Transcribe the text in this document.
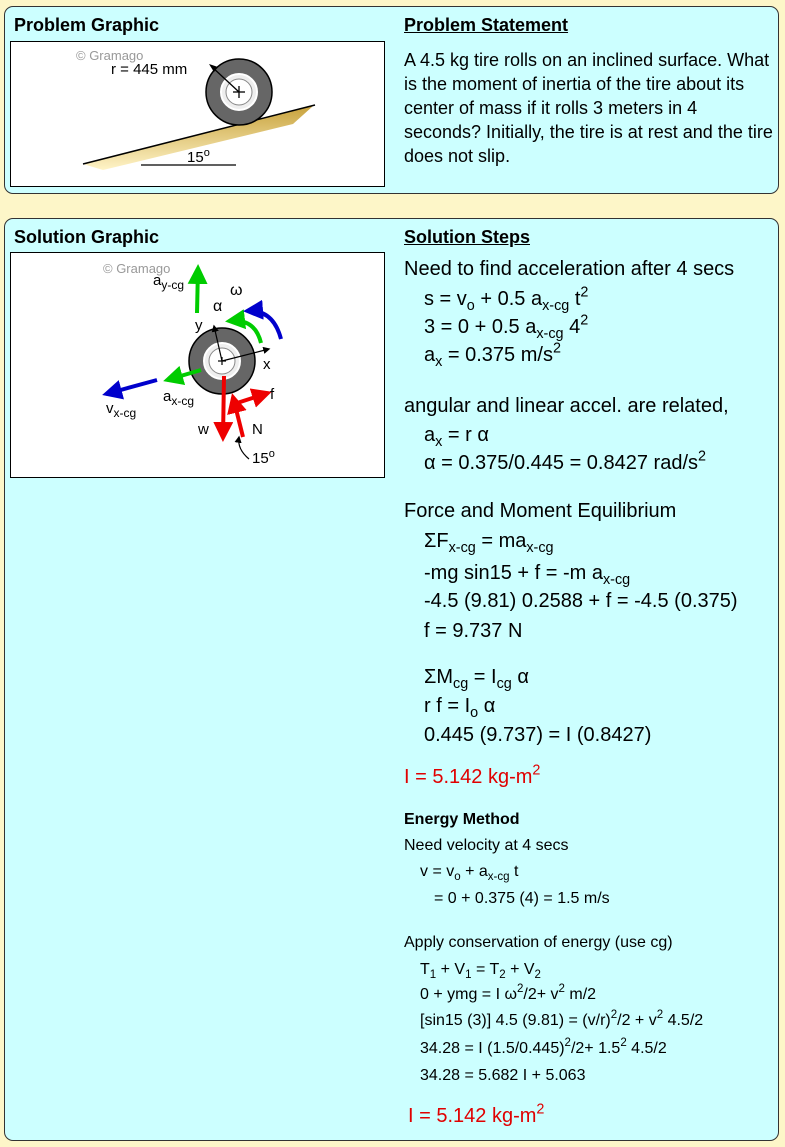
Problem Graphic	Problem Statement
© Gramago
r = 445 mm
15$^o$
A 4.5 kg tire rolls on an inclined surface. What is the moment of inertia of the tire about its center of mass if it rolls 3 meters in 4 seconds? Initially, the tire is at rest and the tire does not slip.
Solution Graphic	Solution Steps
© Gramago
$a_{y-cg}$	ω
α
y
x
$v_{x-cg}$
$a_{x-cg}$	f
w	N
15$^o$
Need to find acceleration after 4 secs
$s = v_o + 0.5$ $a_{x-cg}$ $t^2$
3 = 0 + 0.5 $a_{x-cg}$ $4^2$
$a_x = 0.375$ $m/s^2$
angular and linear accel. are related,
$a_x = r$ α
α = 0.375/0.445 = 0.8427 rad/$s^2$
Force and Moment Equilibrium
$\Sigma F_{x-cg} = ma_{x-cg}$
-mg sin15 + f = -m $a_{x-cg}$
-4.5 (9.81) 0.2588 + f = -4.5 (0.375)
f = 9.737 N
$\Sigma M_{cg} = I_{cg}$ α
r $f = I_o$ α
0.445 (9.737) = I (0.8427)
I = 5.142 $kg-m^2$
Energy Method
Need velocity at 4 secs
$v = v_o + a_{x-cg}$ t
= 0 + 0.375 (4) = 1.5 m/s
Apply conservation of energy (use cg)
$T_1 + V_1 = T_2 + V_2$
0 + ymg = I $\omega^2/2+ v^2$ m/2
[sin15 (3)] 4.5 $(9.81) = (v/r)^2/2 + v^2$ 4.5/2
34.28 = I $(1.5/0.445)^2/2+ 1.5^2$ 4.5/2
34.28 = 5.682 I + 5.063
I = 5.142 $kg-m^2$
